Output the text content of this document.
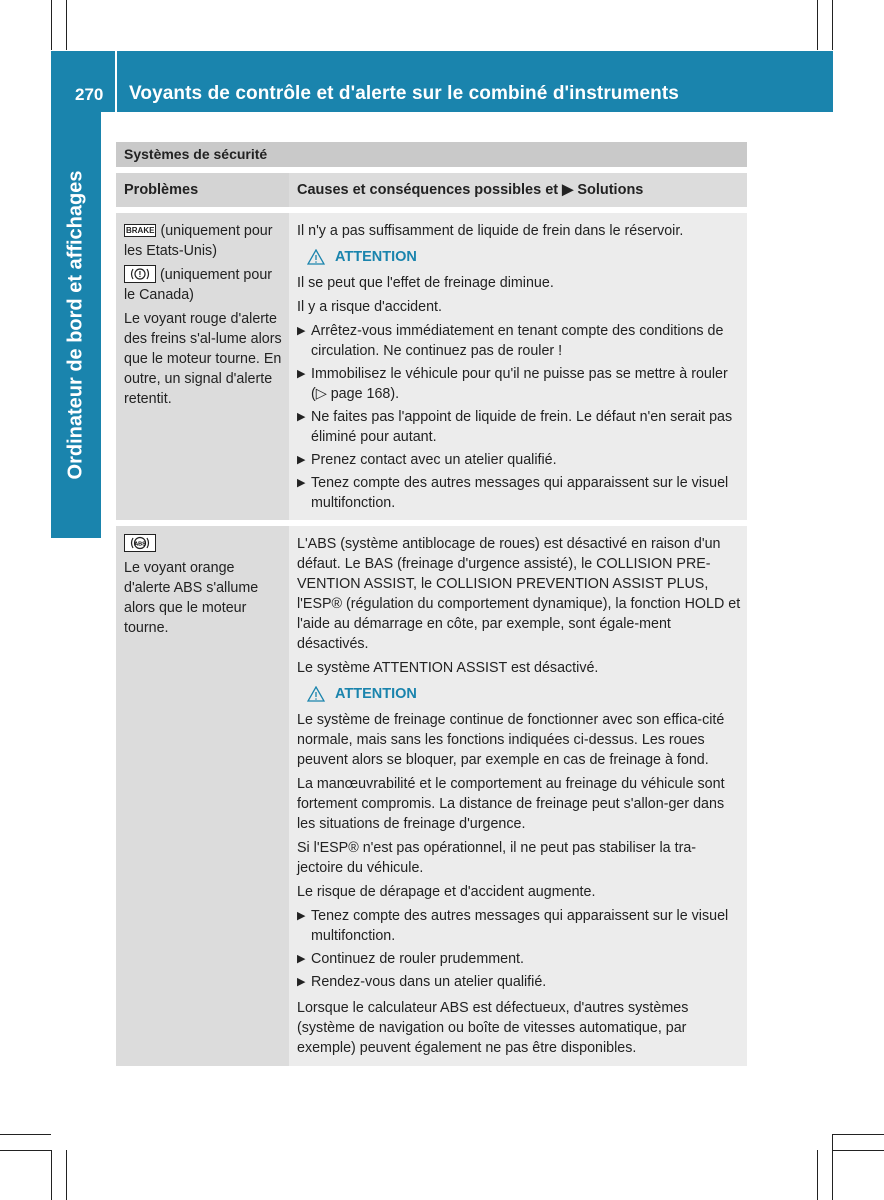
270 Voyants de contrôle et d'alerte sur le combiné d'instruments
Ordinateur de bord et affichages
Systèmes de sécurité
Problèmes	Causes et conséquences possibles et ▶ Solutions

BRAKE (uniquement pour les Etats-Unis)

! (uniquement pour le Canada)

Le voyant rouge d'alerte des freins s'al-lume alors que le moteur tourne. En outre, un signal d'alerte retentit.

Il n'y a pas suffisamment de liquide de frein dans le réservoir.

ATTENTION

Il se peut que l'effet de freinage diminue.

Il y a risque d'accident.

▶ Arrêtez-vous immédiatement en tenant compte des conditions de circulation. Ne continuez pas de rouler !
▶ Immobilisez le véhicule pour qu'il ne puisse pas se mettre à rouler (▷ page 168).
▶ Ne faites pas l'appoint de liquide de frein. Le défaut n'en serait pas éliminé pour autant.
▶ Prenez contact avec un atelier qualifié.
▶ Tenez compte des autres messages qui apparaissent sur le visuel multifonction.

ABS

Le voyant orange d'alerte ABS s'allume alors que le moteur tourne.

L'ABS (système antiblocage de roues) est désactivé en raison d'un défaut. Le BAS (freinage d'urgence assisté), le COLLISION PRE-VENTION ASSIST, le COLLISION PREVENTION ASSIST PLUS, l'ESP® (régulation du comportement dynamique), la fonction HOLD et l'aide au démarrage en côte, par exemple, sont égale-ment désactivés.

Le système ATTENTION ASSIST est désactivé.

ATTENTION

Le système de freinage continue de fonctionner avec son effica-cité normale, mais sans les fonctions indiquées ci-dessus. Les roues peuvent alors se bloquer, par exemple en cas de freinage à fond.

La manœuvrabilité et le comportement au freinage du véhicule sont fortement compromis. La distance de freinage peut s'allon-ger dans les situations de freinage d'urgence.

Si l'ESP® n'est pas opérationnel, il ne peut pas stabiliser la tra-jectoire du véhicule.

Le risque de dérapage et d'accident augmente.

▶ Tenez compte des autres messages qui apparaissent sur le visuel multifonction.
▶ Continuez de rouler prudemment.
▶ Rendez-vous dans un atelier qualifié.

Lorsque le calculateur ABS est défectueux, d'autres systèmes (système de navigation ou boîte de vitesses automatique, par exemple) peuvent également ne pas être disponibles.
